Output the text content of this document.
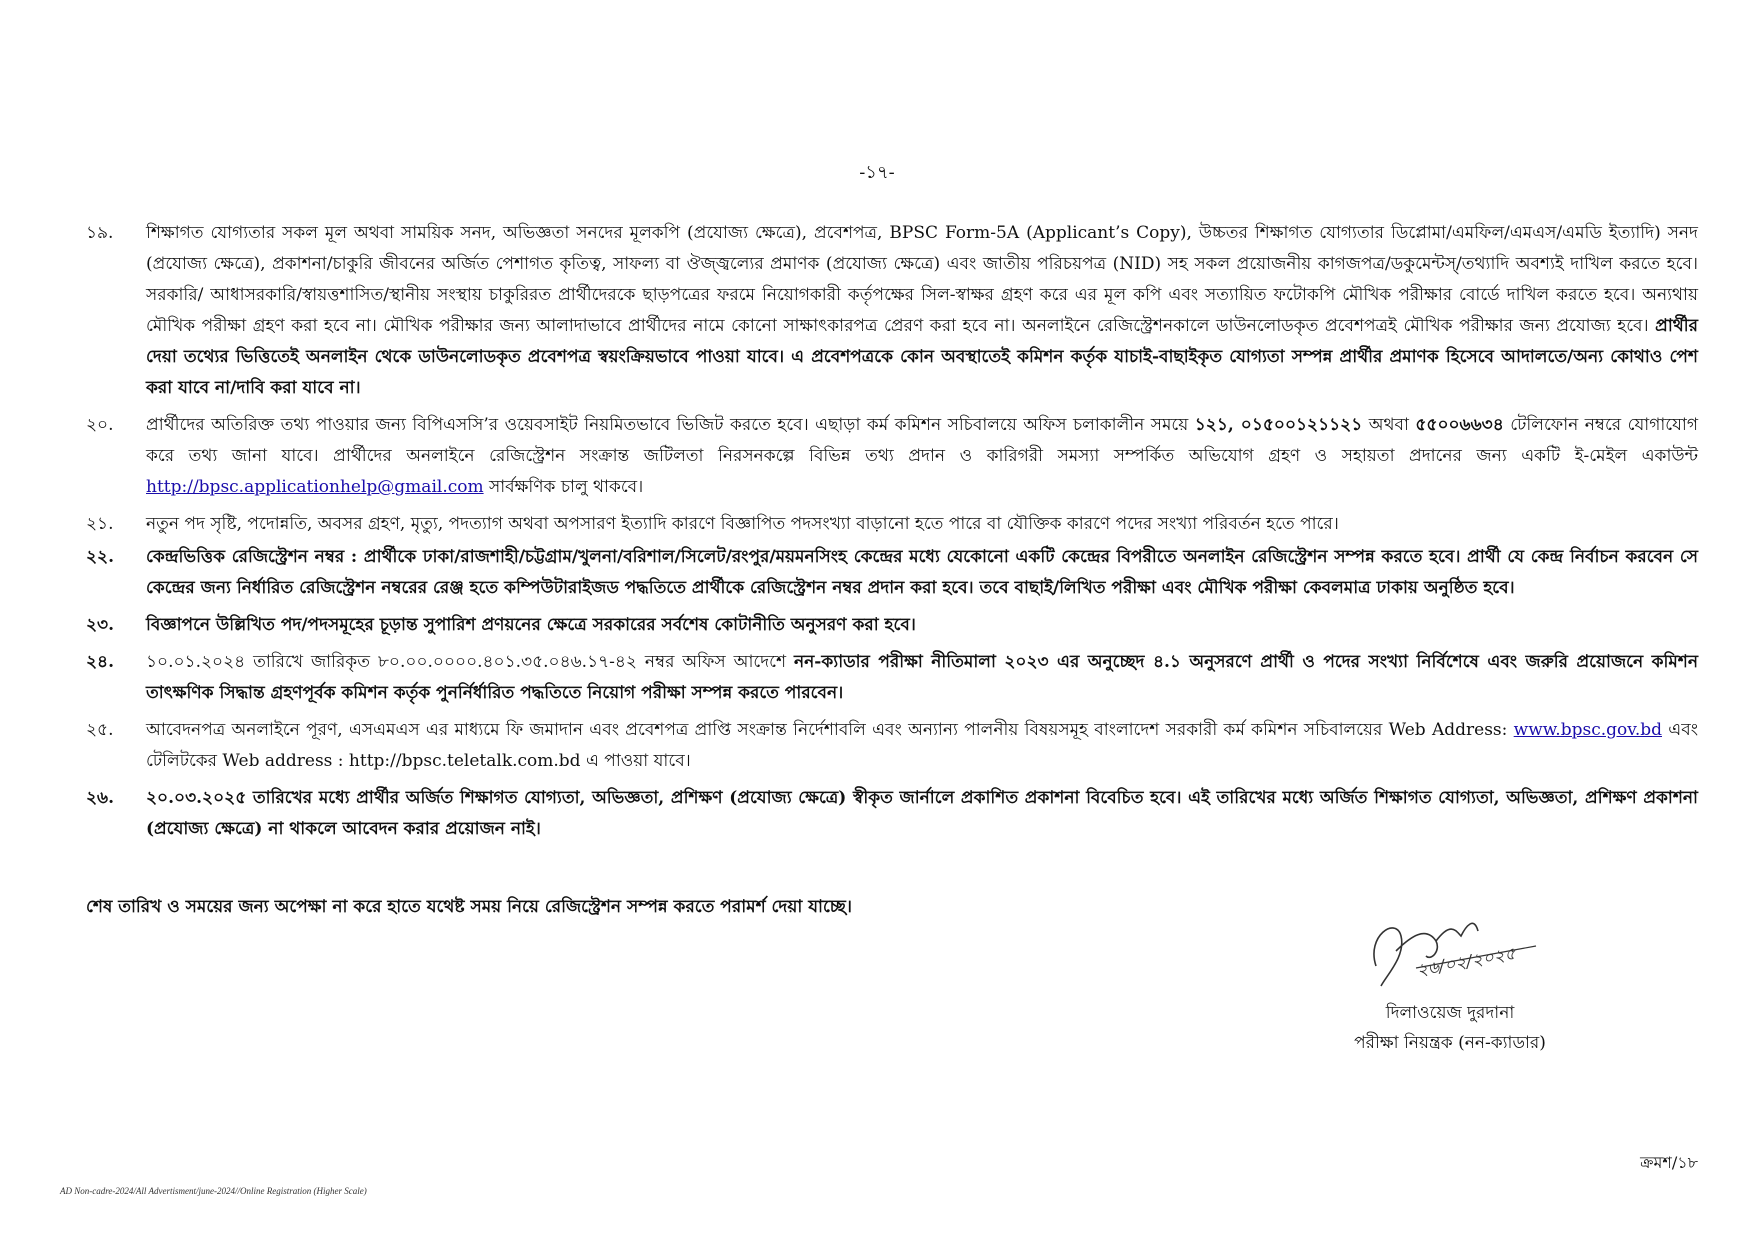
-১৭-
১৯.	শিক্ষাগত যোগ্যতার সকল মূল অথবা সাময়িক সনদ, অভিজ্ঞতা সনদের মূলকপি (প্রযোজ্য ক্ষেত্রে), প্রবেশপত্র, BPSC Form-5A (Applicant’s Copy), উচ্চতর শিক্ষাগত যোগ্যতার ডিপ্লোমা/এমফিল/এমএস/এমডি ইত্যাদি) সনদ (প্রযোজ্য ক্ষেত্রে), প্রকাশনা/চাকুরি জীবনের অর্জিত পেশাগত কৃতিত্ব, সাফল্য বা ঔজ্জ্বল্যের প্রমাণক (প্রযোজ্য ক্ষেত্রে) এবং জাতীয় পরিচয়পত্র (NID) সহ সকল প্রয়োজনীয় কাগজপত্র/ডকুমেন্টস্/তথ্যাদি অবশ্যই দাখিল করতে হবে। সরকারি/ আধাসরকারি/স্বায়ত্তশাসিত/স্থানীয় সংস্থায় চাকুরিরত প্রার্থীদেরকে ছাড়পত্রের ফরমে নিয়োগকারী কর্তৃপক্ষের সিল-স্বাক্ষর গ্রহণ করে এর মূল কপি এবং সত্যায়িত ফটোকপি মৌখিক পরীক্ষার বোর্ডে দাখিল করতে হবে। অন্যথায় মৌখিক পরীক্ষা গ্রহণ করা হবে না। মৌখিক পরীক্ষার জন্য আলাদাভাবে প্রার্থীদের নামে কোনো সাক্ষাৎকারপত্র প্রেরণ করা হবে না। অনলাইনে রেজিস্ট্রেশনকালে ডাউনলোডকৃত প্রবেশপত্রই মৌখিক পরীক্ষার জন্য প্রযোজ্য হবে। প্রার্থীর দেয়া তথ্যের ভিত্তিতেই অনলাইন থেকে ডাউনলোডকৃত প্রবেশপত্র স্বয়ংক্রিয়ভাবে পাওয়া যাবে। এ প্রবেশপত্রকে কোন অবস্থাতেই কমিশন কর্তৃক যাচাই-বাছাইকৃত যোগ্যতা সম্পন্ন প্রার্থীর প্রমাণক হিসেবে আদালতে/অন্য কোথাও পেশ করা যাবে না/দাবি করা যাবে না।
২০.	প্রার্থীদের অতিরিক্ত তথ্য পাওয়ার জন্য বিপিএসসি’র ওয়েবসাইট নিয়মিতভাবে ভিজিট করতে হবে। এছাড়া কর্ম কমিশন সচিবালয়ে অফিস চলাকালীন সময়ে ১২১, ০১৫০০১২১১২১ অথবা ৫৫০০৬৬৩৪ টেলিফোন নম্বরে যোগাযোগ করে তথ্য জানা যাবে। প্রার্থীদের অনলাইনে রেজিস্ট্রেশন সংক্রান্ত জটিলতা নিরসনকল্পে বিভিন্ন তথ্য প্রদান ও কারিগরী সমস্যা সম্পর্কিত অভিযোগ গ্রহণ ও সহায়তা প্রদানের জন্য একটি ই-মেইল একাউন্ট http://bpsc.applicationhelp@gmail.com সার্বক্ষণিক চালু থাকবে।
২১.	নতুন পদ সৃষ্টি, পদোন্নতি, অবসর গ্রহণ, মৃত্যু, পদত্যাগ অথবা অপসারণ ইত্যাদি কারণে বিজ্ঞাপিত পদসংখ্যা বাড়ানো হতে পারে বা যৌক্তিক কারণে পদের সংখ্যা পরিবর্তন হতে পারে।
২২.	কেন্দ্রভিত্তিক রেজিস্ট্রেশন নম্বর : প্রার্থীকে ঢাকা/রাজশাহী/চট্টগ্রাম/খুলনা/বরিশাল/সিলেট/রংপুর/ময়মনসিংহ কেন্দ্রের মধ্যে যেকোনো একটি কেন্দ্রের বিপরীতে অনলাইন রেজিস্ট্রেশন সম্পন্ন করতে হবে। প্রার্থী যে কেন্দ্র নির্বাচন করবেন সে কেন্দ্রের জন্য নির্ধারিত রেজিস্ট্রেশন নম্বরের রেঞ্জ হতে কম্পিউটারাইজড পদ্ধতিতে প্রার্থীকে রেজিস্ট্রেশন নম্বর প্রদান করা হবে। তবে বাছাই/লিখিত পরীক্ষা এবং মৌখিক পরীক্ষা কেবলমাত্র ঢাকায় অনুষ্ঠিত হবে।
২৩.	বিজ্ঞাপনে উল্লিখিত পদ/পদসমূহের চূড়ান্ত সুপারিশ প্রণয়নের ক্ষেত্রে সরকারের সর্বশেষ কোটানীতি অনুসরণ করা হবে।
২৪.	১০.০১.২০২৪ তারিখে জারিকৃত ৮০.০০.০০০০.৪০১.৩৫.০৪৬.১৭-৪২ নম্বর অফিস আদেশে নন-ক্যাডার পরীক্ষা নীতিমালা ২০২৩ এর অনুচ্ছেদ ৪.১ অনুসরণে প্রার্থী ও পদের সংখ্যা নির্বিশেষে এবং জরুরি প্রয়োজনে কমিশন তাৎক্ষণিক সিদ্ধান্ত গ্রহণপূর্বক কমিশন কর্তৃক পুনর্নির্ধারিত পদ্ধতিতে নিয়োগ পরীক্ষা সম্পন্ন করতে পারবেন।
২৫.	আবেদনপত্র অনলাইনে পূরণ, এসএমএস এর মাধ্যমে ফি জমাদান এবং প্রবেশপত্র প্রাপ্তি সংক্রান্ত নির্দেশাবলি এবং অন্যান্য পালনীয় বিষয়সমূহ বাংলাদেশ সরকারী কর্ম কমিশন সচিবালয়ের Web Address: www.bpsc.gov.bd এবং টেলিটকের Web address : http://bpsc.teletalk.com.bd এ পাওয়া যাবে।
২৬.	২০.০৩.২০২৫ তারিখের মধ্যে প্রার্থীর অর্জিত শিক্ষাগত যোগ্যতা, অভিজ্ঞতা, প্রশিক্ষণ (প্রযোজ্য ক্ষেত্রে) স্বীকৃত জার্নালে প্রকাশিত প্রকাশনা বিবেচিত হবে। এই তারিখের মধ্যে অর্জিত শিক্ষাগত যোগ্যতা, অভিজ্ঞতা, প্রশিক্ষণ প্রকাশনা (প্রযোজ্য ক্ষেত্রে) না থাকলে আবেদন করার প্রয়োজন নাই।
শেষ তারিখ ও সময়ের জন্য অপেক্ষা না করে হাতে যথেষ্ট সময় নিয়ে রেজিস্ট্রেশন সম্পন্ন করতে পরামর্শ দেয়া যাচ্ছে।
২৬/০২/২০২৫
দিলাওয়েজ দুরদানা
পরীক্ষা নিয়ন্ত্রক (নন-ক্যাডার)
ক্রমশ/১৮
AD Non-cadre-2024/All Advertisment/june-2024//Online Registration (Higher Scale)
